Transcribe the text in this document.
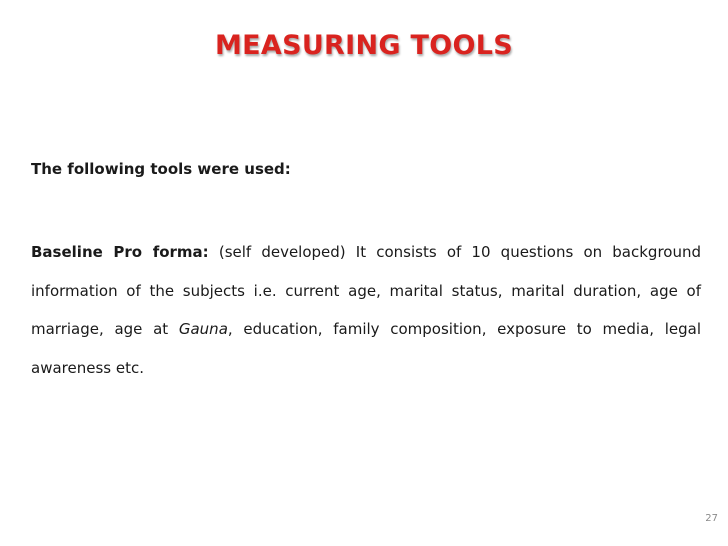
MEASURING TOOLS
The following tools were used:
Baseline Pro forma: (self developed) It consists of 10 questions on background information of the subjects i.e. current age, marital status, marital duration, age of marriage, age at Gauna, education, family composition, exposure to media, legal awareness etc.
27
